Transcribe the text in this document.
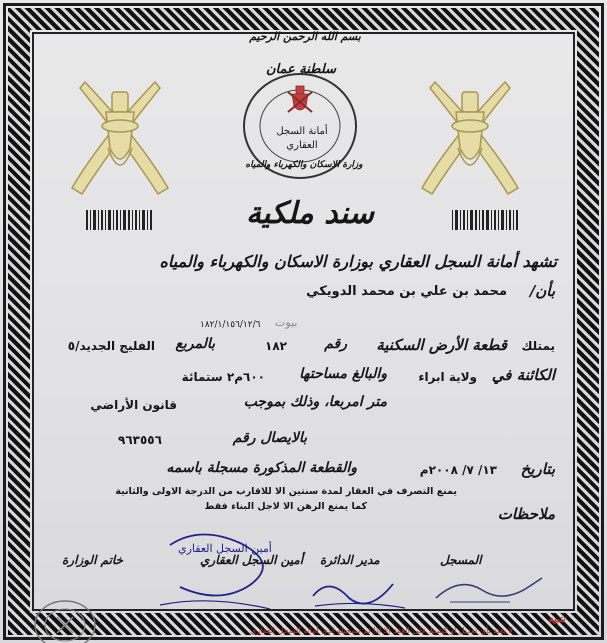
بسم الله الرحمن الرحيم
سلطنة عمان
أمانة السجل
العقاري
وزارة الاسكان والكهرباء والمياه
سند ملكية
تشهد أمانة السجل العقاري بوزارة الاسكان والكهرباء والمياه
بأن/
محمد بن علي بن محمد الدويكي
١٨٢/١/١٥٦/١٢/٦ بيوت
يمتلك
قطعة الأرض السكنية
رقم
١٨٢
بالمربع
الفليج الجديد/٥
الكائنة في
ولاية ابراء
والبالغ مساحتها
٦٠٠م٢ ستمائة
متر امربعا، وذلك بموجب
قانون الأراضي
بالايصال رقم
٩٦٣٥٥٦
بتاريخ
١٣/ ٧/ ٢٠٠٨م
والقطعة المذكورة مسجلة باسمه
يمنع التصرف في العقار لمدة سنتين الا للاقارب من الدرجة الاولى والثانية
كما يمنع الرهن الا لاجل البناء فقط	ملاحظات
المسجل
مدير الدائرة
أمين السجل العقاري
خاتم الوزارة
أمين السجل العقاري
تنبيه
لا يعتد بأي تعديل او كشط على العقد الا اذا تم تسجيله لدى أمانة السجل العقاري
